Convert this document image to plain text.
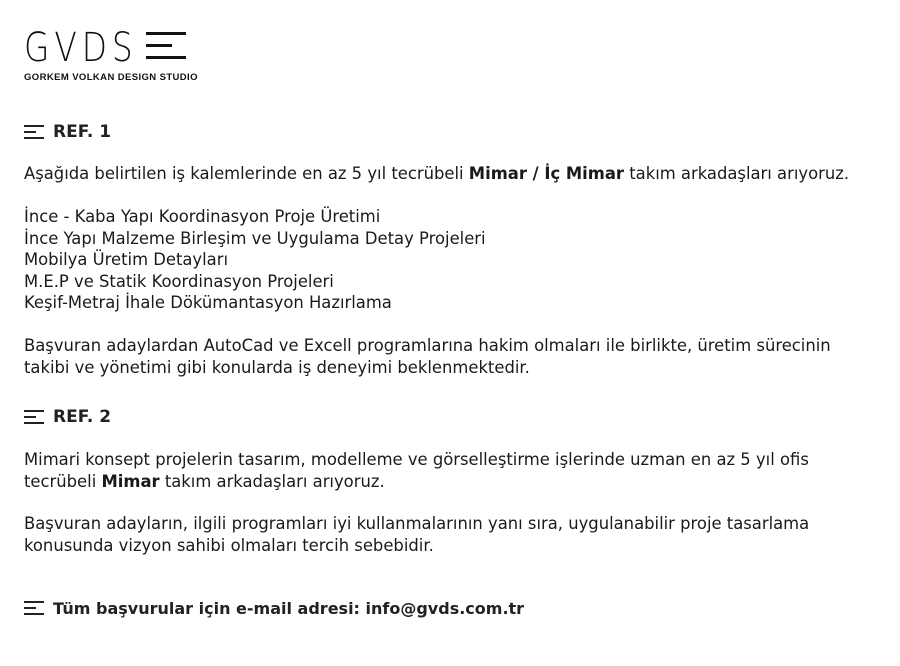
GVDS
GORKEM VOLKAN DESIGN STUDIO
REF. 1
Aşağıda belirtilen iş kalemlerinde en az 5 yıl tecrübeli Mimar / İç Mimar takım arkadaşları arıyoruz.
İnce - Kaba Yapı Koordinasyon Proje Üretimi
İnce Yapı Malzeme Birleşim ve Uygulama Detay Projeleri
Mobilya Üretim Detayları
M.E.P ve Statik Koordinasyon Projeleri
Keşif-Metraj İhale Dökümantasyon Hazırlama
Başvuran adaylardan AutoCad ve Excell programlarına hakim olmaları ile birlikte, üretim sürecinin
takibi ve yönetimi gibi konularda iş deneyimi beklenmektedir.
REF. 2
Mimari konsept projelerin tasarım, modelleme ve görselleştirme işlerinde uzman en az 5 yıl ofis
tecrübeli Mimar takım arkadaşları arıyoruz.
Başvuran adayların, ilgili programları iyi kullanmalarının yanı sıra, uygulanabilir proje tasarlama
konusunda vizyon sahibi olmaları tercih sebebidir.
Tüm başvurular için e-mail adresi: info@gvds.com.tr
